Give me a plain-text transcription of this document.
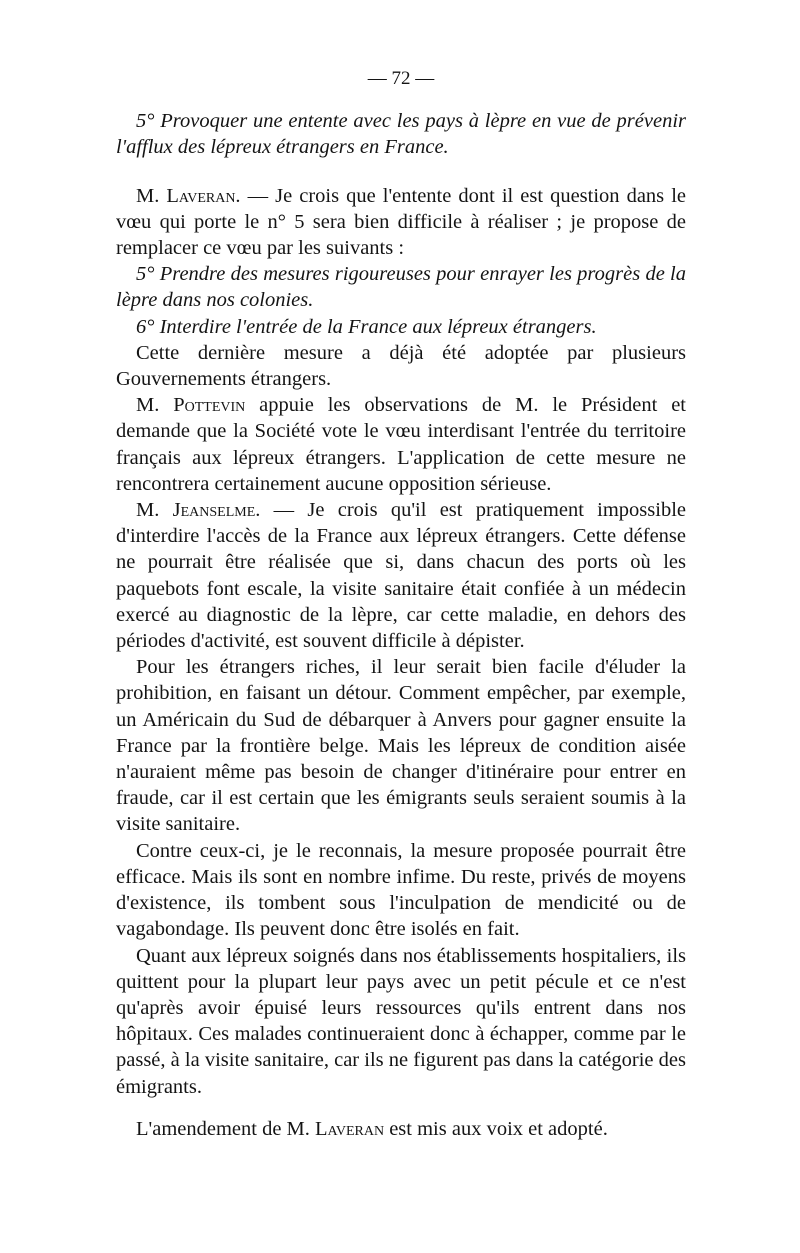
— 72 —

5° Provoquer une entente avec les pays à lèpre en vue de prévenir l'afflux des lépreux étrangers en France.

M. Laveran. — Je crois que l'entente dont il est question dans le vœu qui porte le n° 5 sera bien difficile à réaliser ; je propose de remplacer ce vœu par les suivants :

5° Prendre des mesures rigoureuses pour enrayer les progrès de la lèpre dans nos colonies.

6° Interdire l'entrée de la France aux lépreux étrangers.

Cette dernière mesure a déjà été adoptée par plusieurs Gouvernements étrangers.

M. Pottevin appuie les observations de M. le Président et demande que la Société vote le vœu interdisant l'entrée du territoire français aux lépreux étrangers. L'application de cette mesure ne rencontrera certainement aucune opposition sérieuse.

M. Jeanselme. — Je crois qu'il est pratiquement impossible d'interdire l'accès de la France aux lépreux étrangers. Cette défense ne pourrait être réalisée que si, dans chacun des ports où les paquebots font escale, la visite sanitaire était confiée à un médecin exercé au diagnostic de la lèpre, car cette maladie, en dehors des périodes d'activité, est souvent difficile à dépister.

Pour les étrangers riches, il leur serait bien facile d'éluder la prohibition, en faisant un détour. Comment empêcher, par exemple, un Américain du Sud de débarquer à Anvers pour gagner ensuite la France par la frontière belge. Mais les lépreux de condition aisée n'auraient même pas besoin de changer d'itinéraire pour entrer en fraude, car il est certain que les émigrants seuls seraient soumis à la visite sanitaire.

Contre ceux-ci, je le reconnais, la mesure proposée pourrait être efficace. Mais ils sont en nombre infime. Du reste, privés de moyens d'existence, ils tombent sous l'inculpation de mendicité ou de vagabondage. Ils peuvent donc être isolés en fait.

Quant aux lépreux soignés dans nos établissements hospitaliers, ils quittent pour la plupart leur pays avec un petit pécule et ce n'est qu'après avoir épuisé leurs ressources qu'ils entrent dans nos hôpitaux. Ces malades continueraient donc à échapper, comme par le passé, à la visite sanitaire, car ils ne figurent pas dans la catégorie des émigrants.

L'amendement de M. Laveran est mis aux voix et adopté.
